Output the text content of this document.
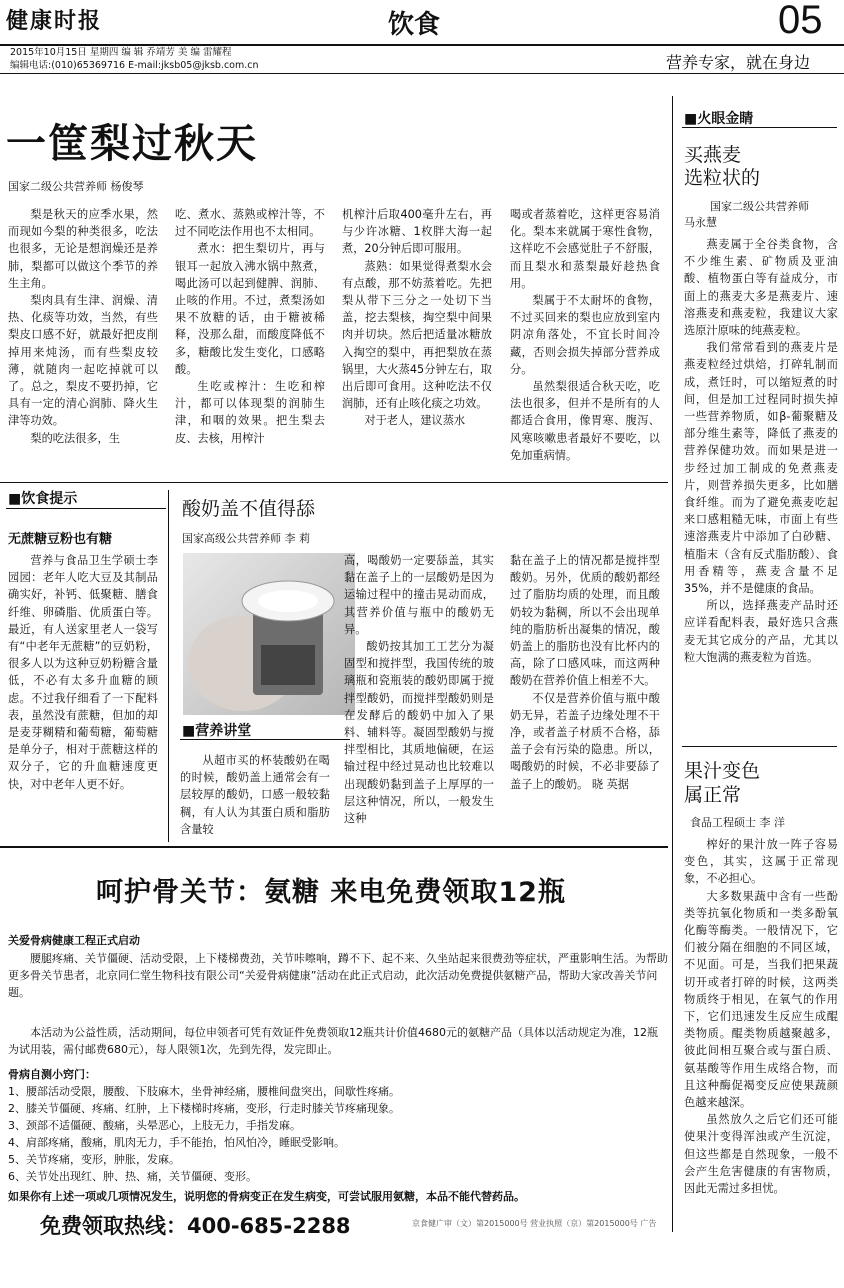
健康时报	饮食	05
2015年10月15日 星期四 编 辑 乔靖芳 美 编 雷耀程
编辑电话:(010)65369716 E-mail:jksb05@jksb.com.cn	营养专家，就在身边
一筐梨过秋天
国家二级公共营养师 杨俊琴

梨是秋天的应季水果，然而现如今梨的种类很多，吃法也很多，无论是想润燥还是养肺，梨都可以做这个季节的养生主角。

梨肉具有生津、润燥、清热、化痰等功效，当然，有些梨皮口感不好，就最好把皮削掉用来炖汤，而有些梨皮较薄，就随肉一起吃掉就可以了。总之，梨皮不要扔掉，它具有一定的清心润肺、降火生津等功效。

梨的吃法很多，生

吃、煮水、蒸熟或榨汁等，不过不同吃法作用也不太相同。

煮水：把生梨切片，再与银耳一起放入沸水锅中熬煮，喝此汤可以起到健脾、润肺、止咳的作用。不过，煮梨汤如果不放糖的话，由于糖被稀释，没那么甜，而酸度降低不多，糖酸比发生变化，口感略酸。

生吃或榨汁：生吃和榨汁，都可以体现梨的润肺生津，和咽的效果。把生梨去皮、去核，用榨汁

机榨汁后取400毫升左右，再与少许冰糖、1枚胖大海一起煮，20分钟后即可服用。

蒸熟：如果觉得煮梨水会有点酸，那不妨蒸着吃。先把梨从带下三分之一处切下当盖，挖去梨核，掏空梨中间果肉并切块。然后把适量冰糖放入掏空的梨中，再把梨放在蒸锅里，大火蒸45分钟左右，取出后即可食用。这种吃法不仅润肺，还有止咳化痰之功效。

对于老人，建议蒸水

喝或者蒸着吃，这样更容易消化。梨本来就属于寒性食物，这样吃不会感觉肚子不舒服，而且梨水和蒸梨最好趁热食用。

梨属于不太耐坏的食物，不过买回来的梨也应放到室内阴凉角落处，不宜长时间冷藏，否则会损失掉部分营养成分。

虽然梨很适合秋天吃，吃法也很多，但并不是所有的人都适合食用，像胃寒、腹泻、风寒咳嗽患者最好不要吃，以免加重病情。

■火眼金睛
买燕麦
选粒状的
国家二级公共营养师
马永慧

燕麦属于全谷类食物，含不少维生素、矿物质及亚油酸、植物蛋白等有益成分，市面上的燕麦大多是燕麦片、速溶燕麦和燕麦粒，我建议大家选原汁原味的纯燕麦粒。

我们常常看到的燕麦片是燕麦粒经过烘焙，打碎轧制而成，煮饪时，可以缩短煮的时间，但是加工过程同时损失掉一些营养物质，如β-葡聚糖及部分维生素等，降低了燕麦的营养保健功效。而如果是进一步经过加工制成的免煮燕麦片，则营养损失更多，比如膳食纤维。而为了避免燕麦吃起来口感粗糙无味，市面上有些速溶燕麦片中添加了白砂糖、植脂末（含有反式脂肪酸）、食用香精等，燕麦含量不足35%，并不是健康的食品。

所以，选择燕麦产品时还应详看配料表，最好选只含燕麦无其它成分的产品，尤其以粒大饱满的燕麦粒为首选。

果汁变色
属正常
食品工程硕士 李 洋

榨好的果汁放一阵子容易变色，其实，这属于正常现象，不必担心。

大多数果蔬中含有一些酚类等抗氧化物质和一类多酚氧化酶等酶类。一般情况下，它们被分隔在细胞的不同区域，不见面。可是，当我们把果蔬切开或者打碎的时候，这两类物质终于相见，在氧气的作用下，它们迅速发生反应生成醌类物质。醌类物质越聚越多，彼此间相互聚合或与蛋白质、氨基酸等作用生成络合物，而且这种酶促褐变反应使果蔬颜色越来越深。

虽然放久之后它们还可能使果汁变得浑浊或产生沉淀，但这些都是自然现象，一般不会产生危害健康的有害物质，因此无需过多担忧。

■饮食提示
无蔗糖豆粉也有糖

营养与食品卫生学硕士李园园：老年人吃大豆及其制品确实好，补钙、低聚糖、膳食纤维、卵磷脂、优质蛋白等。最近，有人送家里老人一袋写有“中老年无蔗糖”的豆奶粉，很多人以为这种豆奶粉糖含量低，不必有太多升血糖的顾虑。不过我仔细看了一下配料表，虽然没有蔗糖，但加的却是麦芽糊精和葡萄糖，葡萄糖是单分子，相对于蔗糖这样的双分子，它的升血糖速度更快，对中老年人更不好。

酸奶盖不值得舔
国家高级公共营养师 李 莉
■营养讲堂

从超市买的杯装酸奶在喝的时候，酸奶盖上通常会有一层较厚的酸奶，口感一般较黏稠，有人认为其蛋白质和脂肪含量较

高，喝酸奶一定要舔盖，其实黏在盖子上的一层酸奶是因为运输过程中的撞击晃动而成，其营养价值与瓶中的酸奶无异。

酸奶按其加工工艺分为凝固型和搅拌型，我国传统的玻璃瓶和瓷瓶装的酸奶即属于搅拌型酸奶，而搅拌型酸奶则是在发酵后的酸奶中加入了果料、辅料等。凝固型酸奶与搅拌型相比，其质地偏硬，在运输过程中经过晃动也比较难以出现酸奶黏到盖子上厚厚的一层这种情况，所以，一般发生这种

黏在盖子上的情况都是搅拌型酸奶。另外，优质的酸奶都经过了脂肪均质的处理，而且酸奶较为黏稠，所以不会出现单纯的脂肪析出凝集的情况，酸奶盖上的脂肪也没有比杯内的高，除了口感风味，而这两种酸奶在营养价值上相差不大。

不仅是营养价值与瓶中酸奶无异，若盖子边缘处理不干净，或者盖子材质不合格，舔盖子会有污染的隐患。所以，喝酸奶的时候，不必非要舔了盖子上的酸奶。 晓 英据

呵护骨关节：氨糖 来电免费领取12瓶
关爱骨病健康工程正式启动
腰腿疼痛、关节僵硬、活动受限，上下楼梯费劲，关节咔嚓响，蹲不下、起不来、久坐站起来很费劲等症状，严重影响生活。为帮助更多骨关节患者，北京同仁堂生物科技有限公司“关爱骨病健康”活动在此正式启动，此次活动免费提供氨糖产品，帮助大家改善关节问题。
本活动为公益性质，活动期间，每位申领者可凭有效证件免费领取12瓶共计价值4680元的氨糖产品（具体以活动规定为准，12瓶为试用装，需付邮费680元），每人限领1次，先到先得，发完即止。
骨病自测小窍门：
1、腰部活动受限，腰酸、下肢麻木，坐骨神经痛，腰椎间盘突出，间歇性疼痛。
2、膝关节僵硬、疼痛、红肿，上下楼梯时疼痛，变形，行走时膝关节疼痛现象。
3、颈部不适僵硬、酸痛，头晕恶心，上肢无力，手指发麻。
4、肩部疼痛，酸痛，肌肉无力，手不能抬，怕风怕冷，睡眠受影响。
5、关节疼痛，变形，肿胀，发麻。
6、关节处出现红、肿、热、痛，关节僵硬、变形。
如果你有上述一项或几项情况发生，说明您的骨病变正在发生病变，可尝试服用氨糖，本品不能代替药品。
免费领取热线：400-685-2288	京食健广审（文）第2015000号 营业执照（京）第2015000号 广告
